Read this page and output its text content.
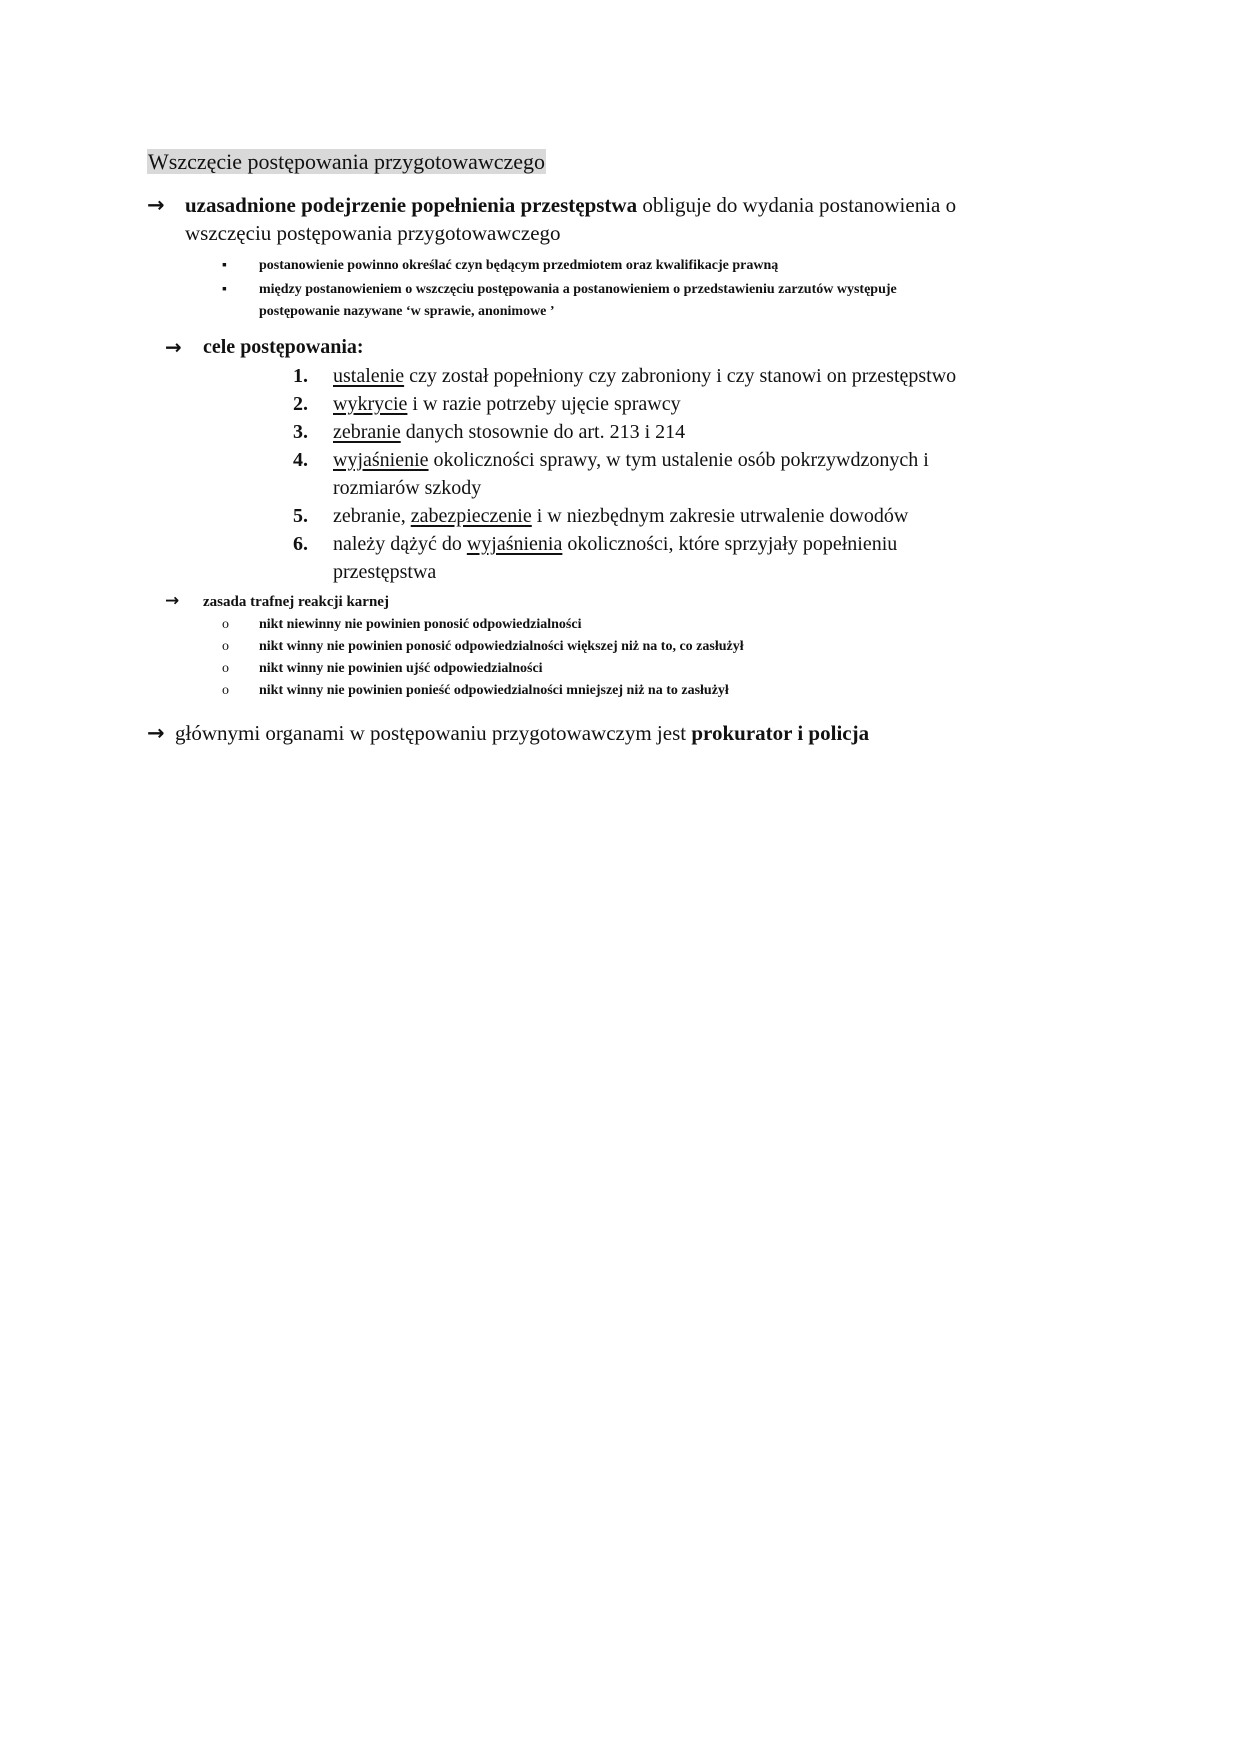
Wszczęcie postępowania przygotowawczego
→ uzasadnione podejrzenie popełnienia przestępstwa obliguje do wydania postanowienia o
wszczęciu postępowania przygotowawczego
▪ postanowienie powinno określać czyn będącym przedmiotem oraz kwalifikacje prawną
▪ między postanowieniem o wszczęciu postępowania a postanowieniem o przedstawieniu zarzutów występuje
postępowanie nazywane ‘w sprawie, anonimowe ’
→ cele postępowania:
1. ustalenie czy został popełniony czy zabroniony i czy stanowi on przestępstwo
2. wykrycie i w razie potrzeby ujęcie sprawcy
3. zebranie danych stosownie do art. 213 i 214
4. wyjaśnienie okoliczności sprawy, w tym ustalenie osób pokrzywdzonych i
rozmiarów szkody
5. zebranie, zabezpieczenie i w niezbędnym zakresie utrwalenie dowodów
6. należy dążyć do wyjaśnienia okoliczności, które sprzyjały popełnieniu
przestępstwa
→ zasada trafnej reakcji karnej
o nikt niewinny nie powinien ponosić odpowiedzialności
o nikt winny nie powinien ponosić odpowiedzialności większej niż na to, co zasłużył
o nikt winny nie powinien ujść odpowiedzialności
o nikt winny nie powinien ponieść odpowiedzialności mniejszej niż na to zasłużył
→ głównymi organami w postępowaniu przygotowawczym jest prokurator i policja
